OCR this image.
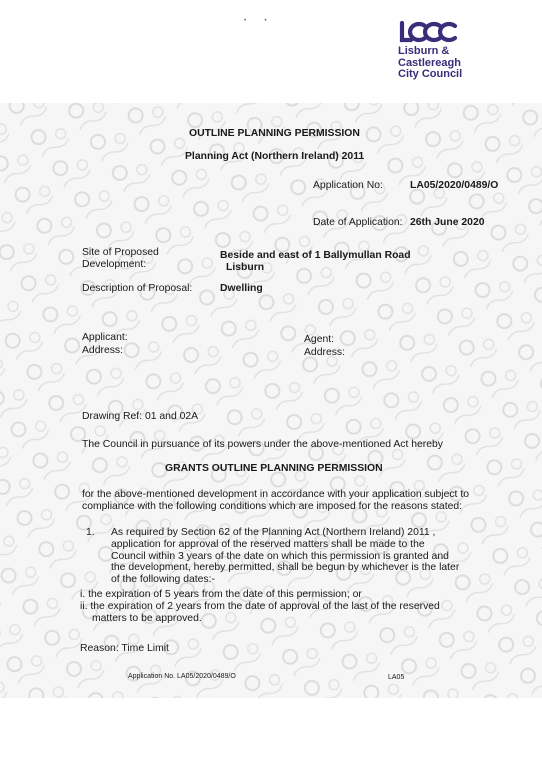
Lisburn &
Castlereagh
City Council
•           •
OUTLINE PLANNING PERMISSION
Planning Act (Northern Ireland) 2011
Application No:	LA05/2020/0489/O
Date of Application: 26th June 2020
Site of Proposed
Development:
Beside and east of 1 Ballymullan Road
Lisburn
Description of Proposal:	Dwelling
Applicant:
Address:
Agent:
Address:
Drawing Ref: 01 and 02A
The Council in pursuance of its powers under the above-mentioned Act hereby
GRANTS OUTLINE PLANNING PERMISSION
for the above-mentioned development in accordance with your application subject to
compliance with the following conditions which are imposed for the reasons stated:
1. As required by Section 62 of the Planning Act (Northern Ireland) 2011 , application for approval of the reserved matters shall be made to the Council within 3 years of the date on which this permission is granted and the development, hereby permitted, shall be begun by whichever is the later of the following dates:-
i. the expiration of 5 years from the date of this permission; or
ii. the expiration of 2 years from the date of approval of the last of the reserved
matters to be approved.
Reason: Time Limit
Application No. LA05/2020/0489/O	LA05
